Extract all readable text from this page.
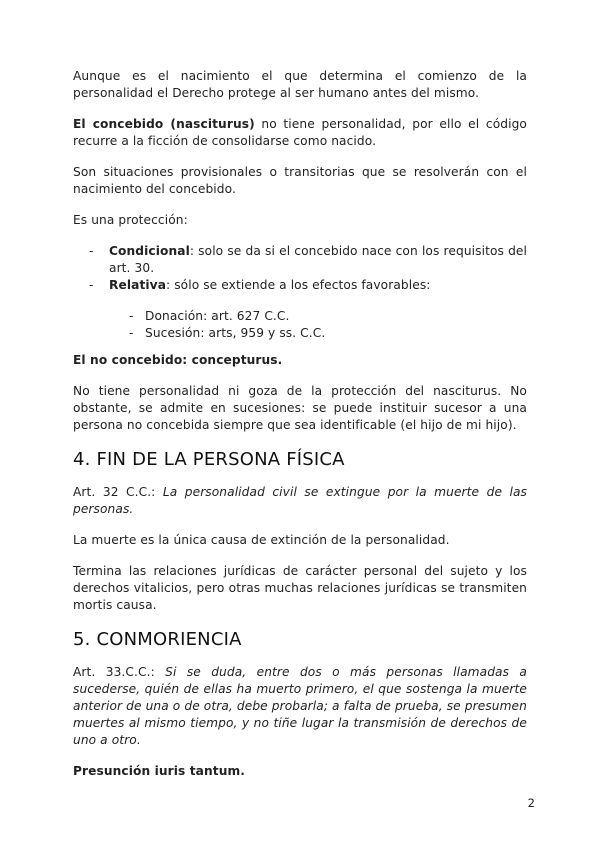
Aunque es el nacimiento el que determina el comienzo de la personalidad el Derecho protege al ser humano antes del mismo.

El concebido (nasciturus) no tiene personalidad, por ello el código recurre a la ficción de consolidarse como nacido.

Son situaciones provisionales o transitorias que se resolverán con el nacimiento del concebido.

Es una protección:

- Condicional: solo se da si el concebido nace con los requisitos del art. 30.
- Relativa: sólo se extiende a los efectos favorables:
- Donación: art. 627 C.C.
- Sucesión: arts, 959 y ss. C.C.

El no concebido: concepturus.

No tiene personalidad ni goza de la protección del nasciturus. No obstante, se admite en sucesiones: se puede instituir sucesor a una persona no concebida siempre que sea identificable (el hijo de mi hijo).

4. FIN DE LA PERSONA FÍSICA

Art. 32 C.C.: La personalidad civil se extingue por la muerte de las personas.

La muerte es la única causa de extinción de la personalidad.

Termina las relaciones jurídicas de carácter personal del sujeto y los derechos vitalicios, pero otras muchas relaciones jurídicas se transmiten mortis causa.

5. CONMORIENCIA

Art. 33.C.C.: Si se duda, entre dos o más personas llamadas a sucederse, quién de ellas ha muerto primero, el que sostenga la muerte anterior de una o de otra, debe probarla; a falta de prueba, se presumen muertes al mismo tiempo, y no tiñe lugar la transmisión de derechos de uno a otro.

Presunción iuris tantum.

2
